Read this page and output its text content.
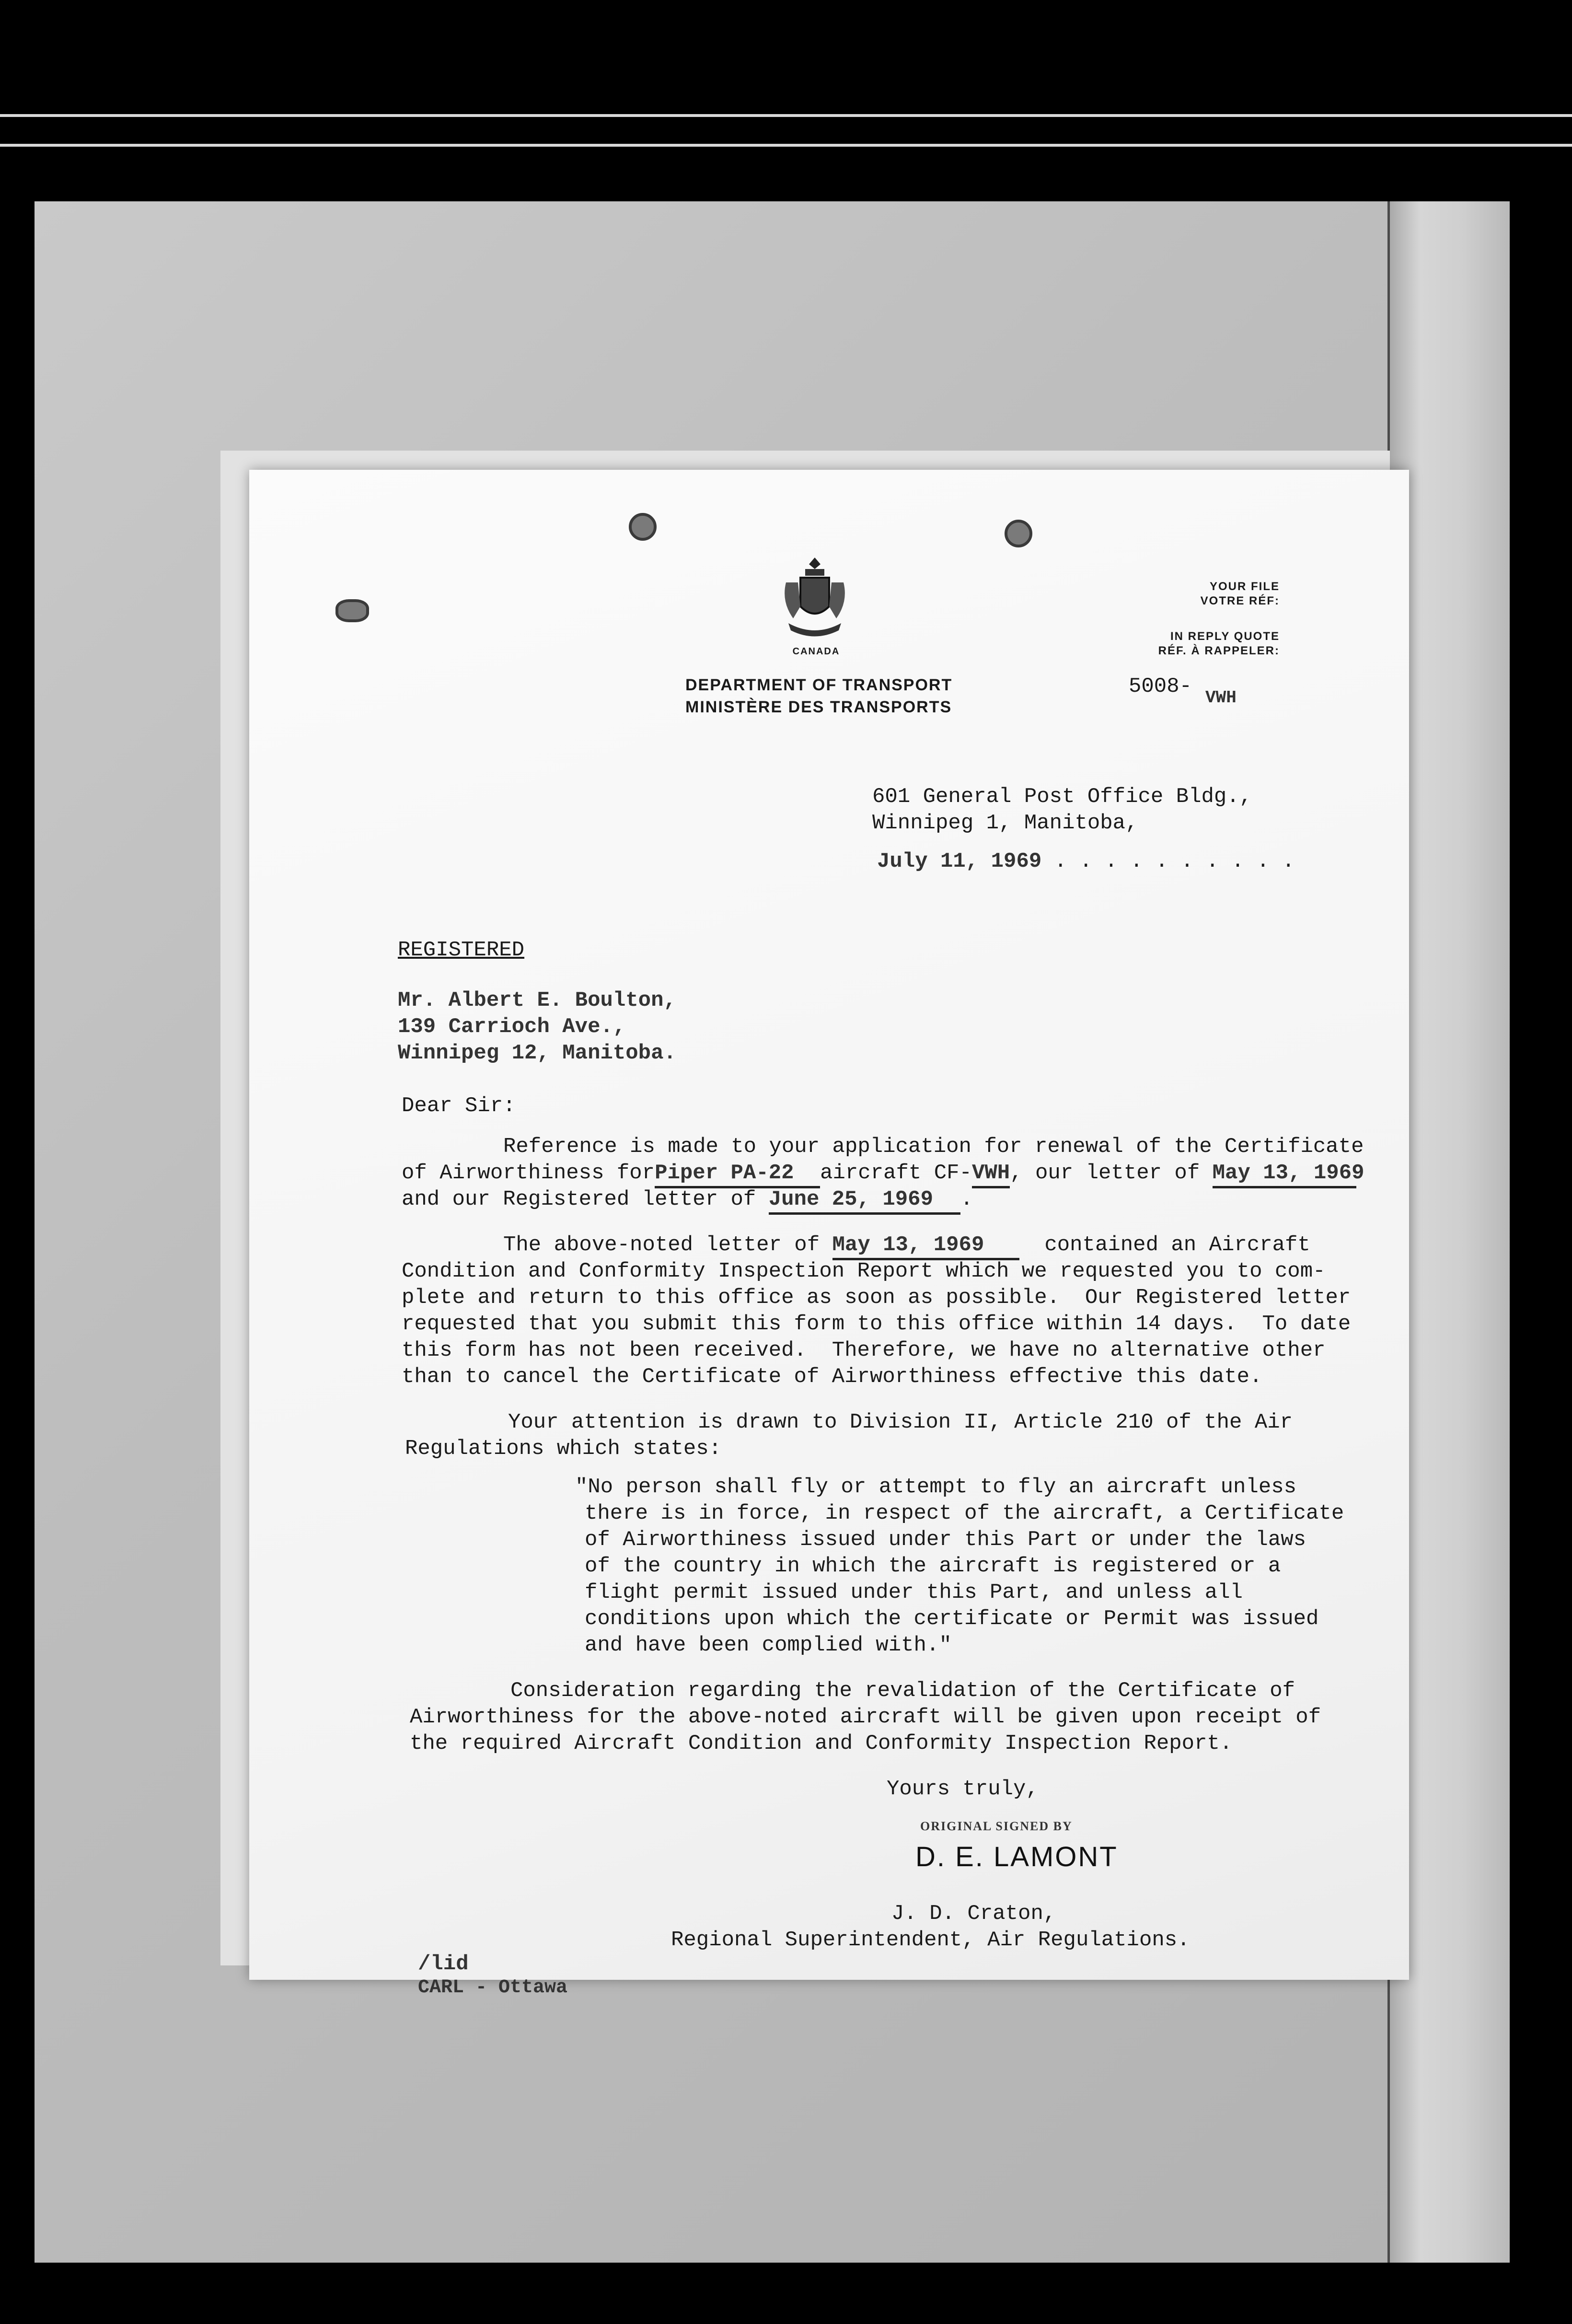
CANADA
DEPARTMENT OF TRANSPORT
MINISTÈRE DES TRANSPORTS
YOUR FILE
VOTRE RÉF:
IN REPLY QUOTE
RÉF. À RAPPELER:
5008- VWH
601 General Post Office Bldg.,
Winnipeg 1, Manitoba,
July 11, 1969 . . . . . . . . . .
REGISTERED
Mr. Albert E. Boulton,
139 Carrioch Ave.,
Winnipeg 12, Manitoba.
Dear Sir:
Reference is made to your application for renewal of the Certificate
of Airworthiness forPiper PA-22 aircraft CF-VWH, our letter of May 13, 1969
and our Registered letter of June 25, 1969 .
The above-noted letter of May 13, 1969	contained an Aircraft
Condition and Conformity Inspection Report which we requested you to com-
plete and return to this office as soon as possible.  Our Registered letter
requested that you submit this form to this office within 14 days.  To date
this form has not been received.  Therefore, we have no alternative other
than to cancel the Certificate of Airworthiness effective this date.
Your attention is drawn to Division II, Article 210 of the Air
Regulations which states:
"No person shall fly or attempt to fly an aircraft unless
there is in force, in respect of the aircraft, a Certificate
of Airworthiness issued under this Part or under the laws
of the country in which the aircraft is registered or a
flight permit issued under this Part, and unless all
conditions upon which the certificate or Permit was issued
and have been complied with."
Consideration regarding the revalidation of the Certificate of
Airworthiness for the above-noted aircraft will be given upon receipt of
the required Aircraft Condition and Conformity Inspection Report.
Yours truly,
ORIGINAL SIGNED BY
D. E. LAMONT
J. D. Craton,
Regional Superintendent, Air Regulations.
/lid
CARL - Ottawa
